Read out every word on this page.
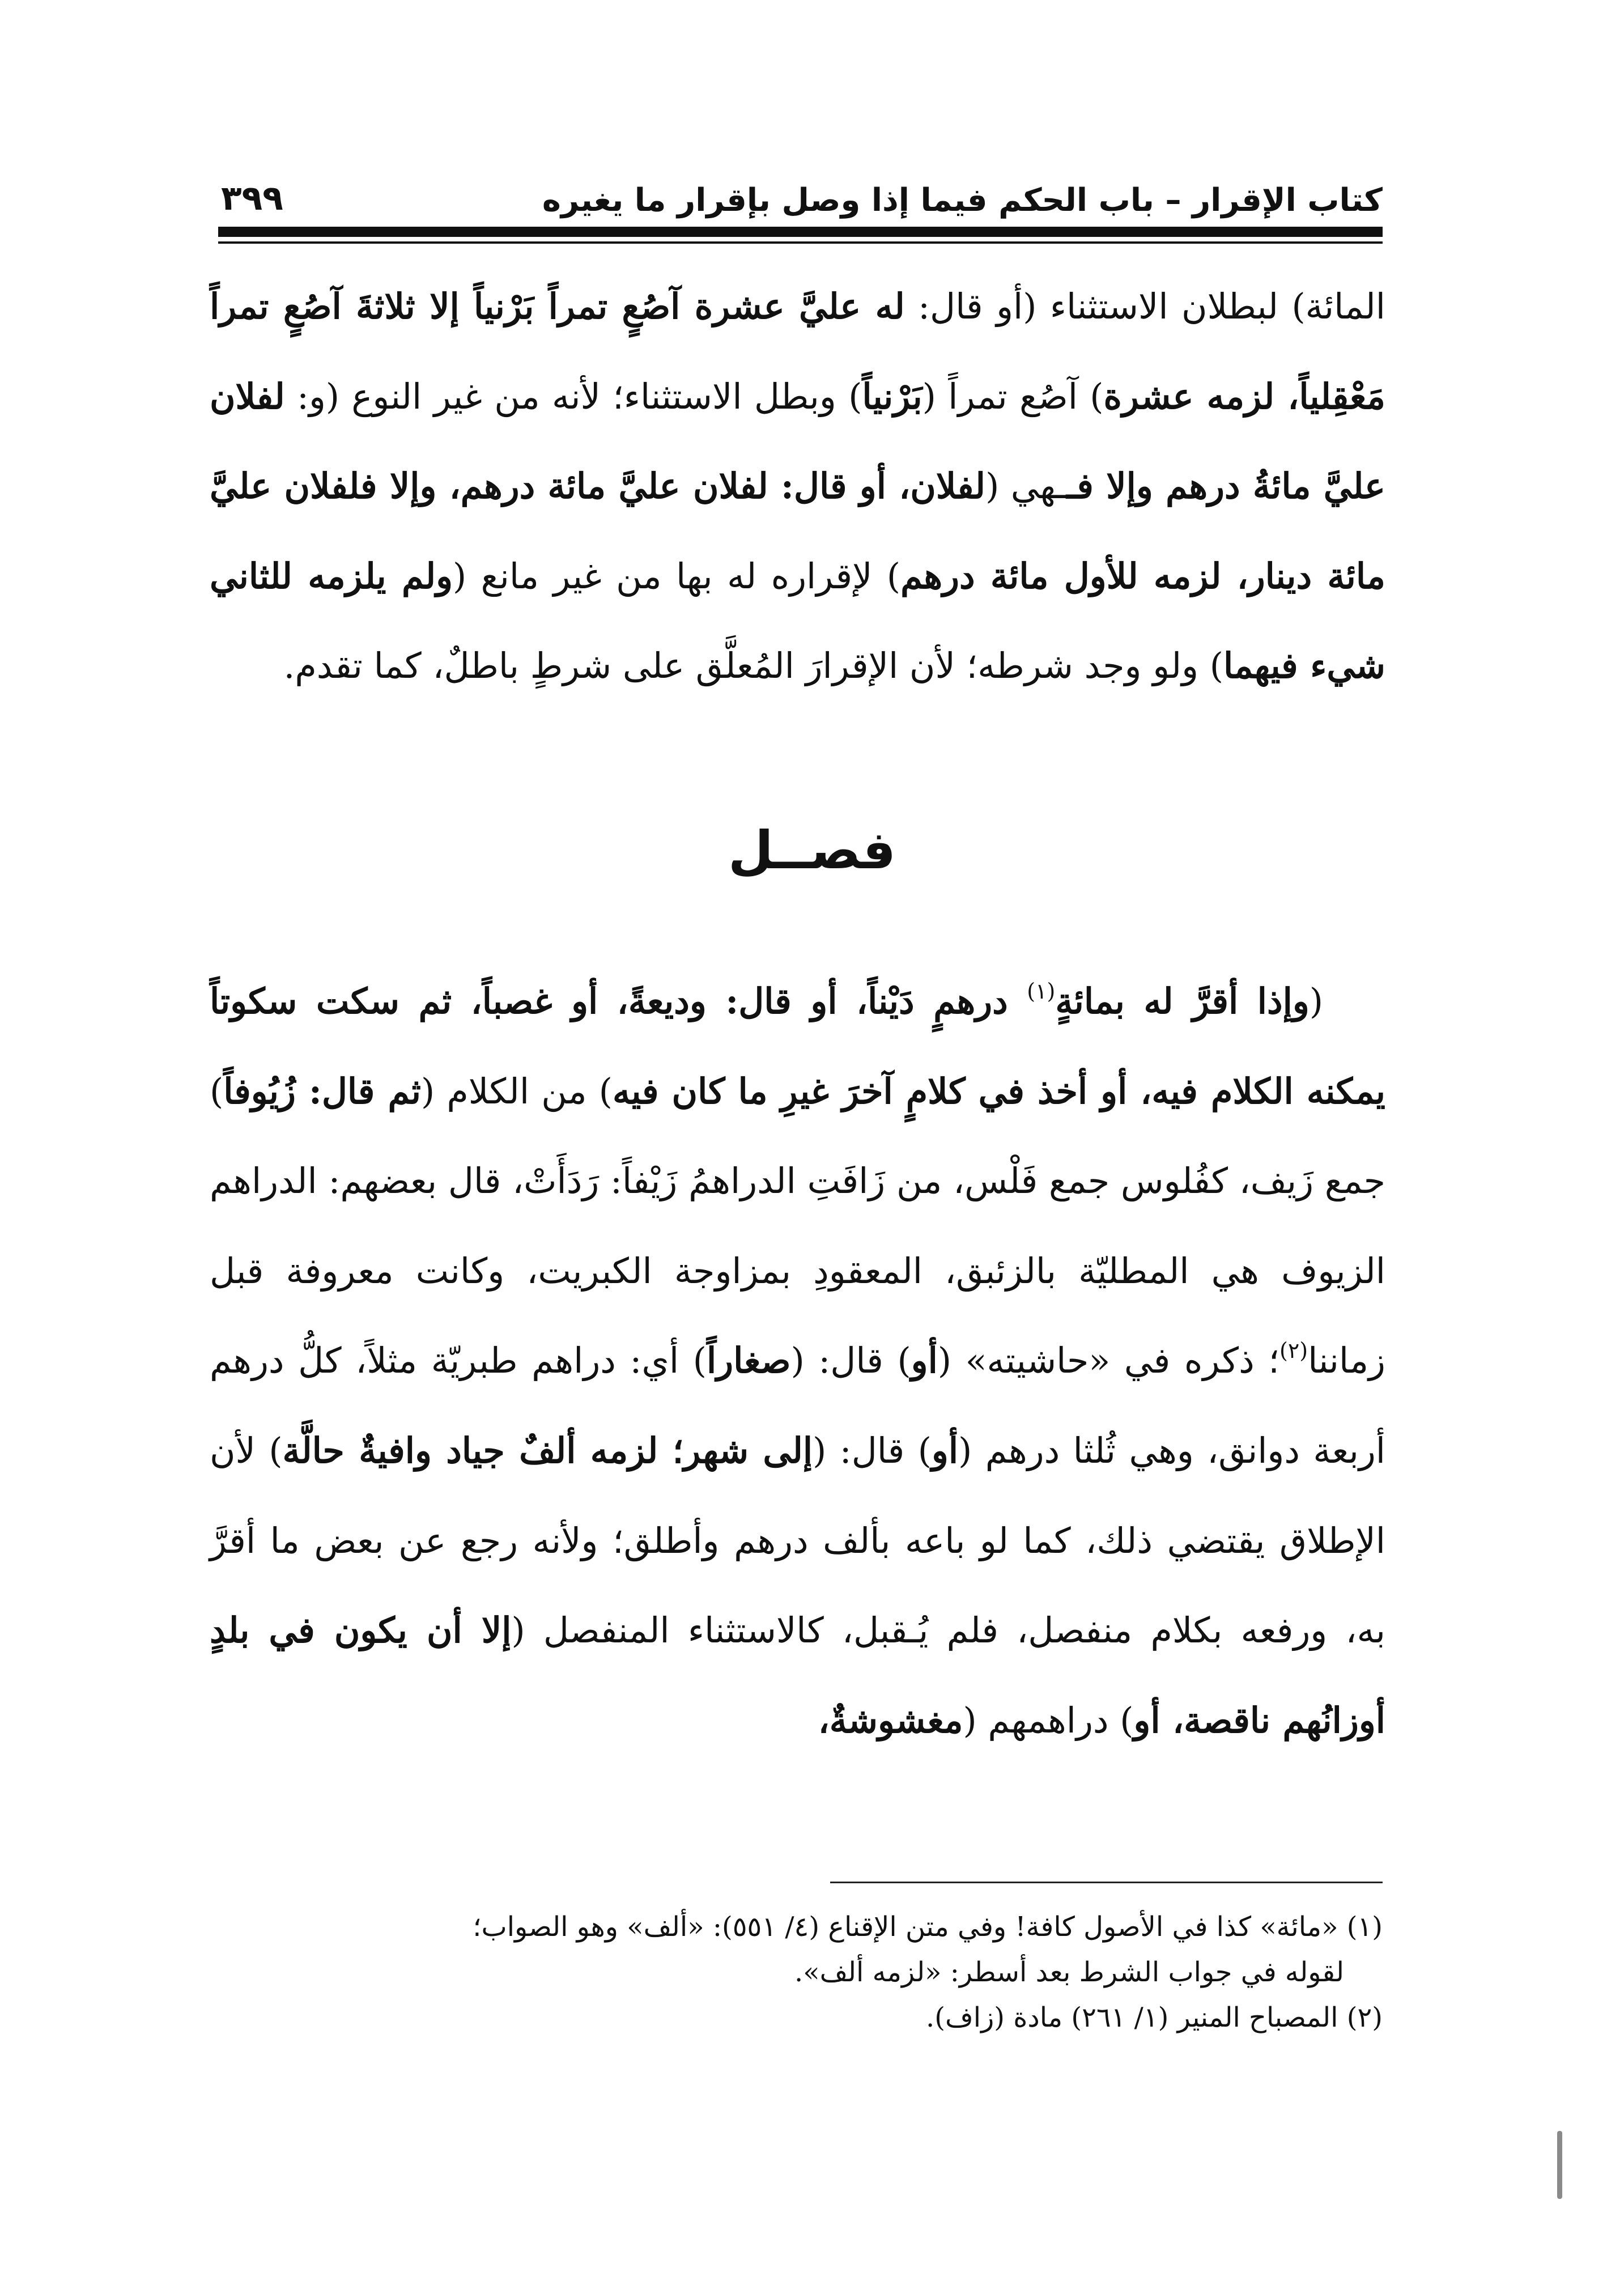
كتاب الإقرار – باب الحكم فيما إذا وصل بإقرار ما يغيره
٣٩٩

المائة) لبطلان الاستثناء (أو قال: له عليَّ عشرة آصُعٍ تمراً بَرْنياً إلا ثلاثةَ آصُعٍ تمراً مَعْقِلياً، لزمه عشرة) آصُع تمراً (بَرْنياً) وبطل الاستثناء؛ لأنه من غير النوع (و: لفلان عليَّ مائةُ درهم وإلا فــهي (لفلان، أو قال: لفلان عليَّ مائة درهم، وإلا فلفلان عليَّ مائة دينار، لزمه للأول مائة درهم) لإقراره له بها من غير مانع (ولم يلزمه للثاني شيء فيهما) ولو وجد شرطه؛ لأن الإقرارَ المُعلَّق على شرطٍ باطلٌ، كما تقدم.

فصــل

(وإذا أقرَّ له بمائةٍ$^{(١)}$ درهمٍ دَيْناً، أو قال: وديعةً، أو غصباً، ثم سكت سكوتاً يمكنه الكلام فيه، أو أخذ في كلامٍ آخرَ غيرِ ما كان فيه) من الكلام (ثم قال: زُيُوفاً) جمع زَيف، كفُلوس جمع فَلْس، من زَافَتِ الدراهمُ زَيْفاً: رَدَأَتْ، قال بعضهم: الدراهم الزيوف هي المطليّة بالزئبق، المعقودِ بمزاوجة الكبريت، وكانت معروفة قبل زماننا$^{(٢)}$؛ ذكره في «حاشيته» (أو) قال: (صغاراً) أي: دراهم طبريّة مثلاً، كلُّ درهم أربعة دوانق، وهي ثُلثا درهم (أو) قال: (إلى شهر؛ لزمه ألفٌ جياد وافيةٌ حالَّة) لأن الإطلاق يقتضي ذلك، كما لو باعه بألف درهم وأطلق؛ ولأنه رجع عن بعض ما أقرَّ به، ورفعه بكلام منفصل، فلم يُـقبل، كالاستثناء المنفصل (إلا أن يكون في بلدٍ أوزانُهم ناقصة، أو) دراهمهم (مغشوشةٌ،

(١) «مائة» كذا في الأصول كافة! وفي متن الإقناع (٤/ ٥٥١): «ألف» وهو الصواب؛

لقوله في جواب الشرط بعد أسطر: «لزمه ألف».

(٢) المصباح المنير (١/ ٢٦١) مادة (زاف).
